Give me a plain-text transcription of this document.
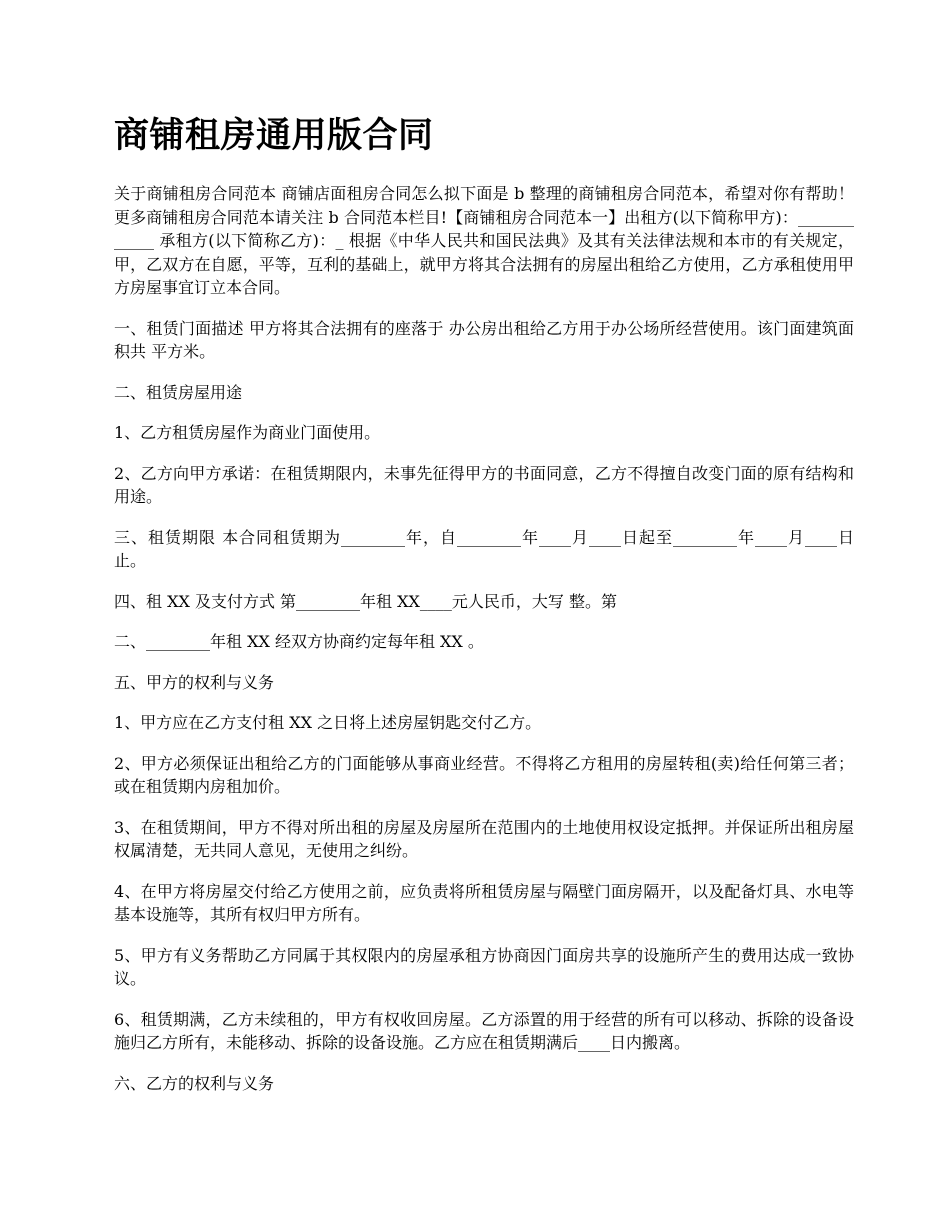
商铺租房通用版合同

关于商铺租房合同范本 商铺店面租房合同怎么拟下面是 b 整理的商铺租房合同范本，希望对你有帮助！更多商铺租房合同范本请关注 b 合同范本栏目!【商铺租房合同范本一】出租方(以下简称甲方)：____________ 承租方(以下简称乙方)：_ 根据《中华人民共和国民法典》及其有关法律法规和本市的有关规定，甲，乙双方在自愿，平等，互利的基础上，就甲方将其合法拥有的房屋出租给乙方使用，乙方承租使用甲方房屋事宜订立本合同。

一、租赁门面描述 甲方将其合法拥有的座落于 办公房出租给乙方用于办公场所经营使用。该门面建筑面积共 平方米。

二、租赁房屋用途

1、乙方租赁房屋作为商业门面使用。

2、乙方向甲方承诺：在租赁期限内，未事先征得甲方的书面同意，乙方不得擅自改变门面的原有结构和用途。

三、租赁期限 本合同租赁期为________年，自________年____月____日起至________年____月____日止。

四、租 XX 及支付方式 第________年租 XX____元人民币，大写 整。第

二、________年租 XX 经双方协商约定每年租 XX 。

五、甲方的权利与义务

1、甲方应在乙方支付租 XX 之日将上述房屋钥匙交付乙方。

2、甲方必须保证出租给乙方的门面能够从事商业经营。不得将乙方租用的房屋转租(卖)给任何第三者；或在租赁期内房租加价。

3、在租赁期间，甲方不得对所出租的房屋及房屋所在范围内的土地使用权设定抵押。并保证所出租房屋权属清楚，无共同人意见，无使用之纠纷。

4、在甲方将房屋交付给乙方使用之前，应负责将所租赁房屋与隔壁门面房隔开，以及配备灯具、水电等基本设施等，其所有权归甲方所有。

5、甲方有义务帮助乙方同属于其权限内的房屋承租方协商因门面房共享的设施所产生的费用达成一致协议。

6、租赁期满，乙方未续租的，甲方有权收回房屋。乙方添置的用于经营的所有可以移动、拆除的设备设施归乙方所有，未能移动、拆除的设备设施。乙方应在租赁期满后____日内搬离。

六、乙方的权利与义务
